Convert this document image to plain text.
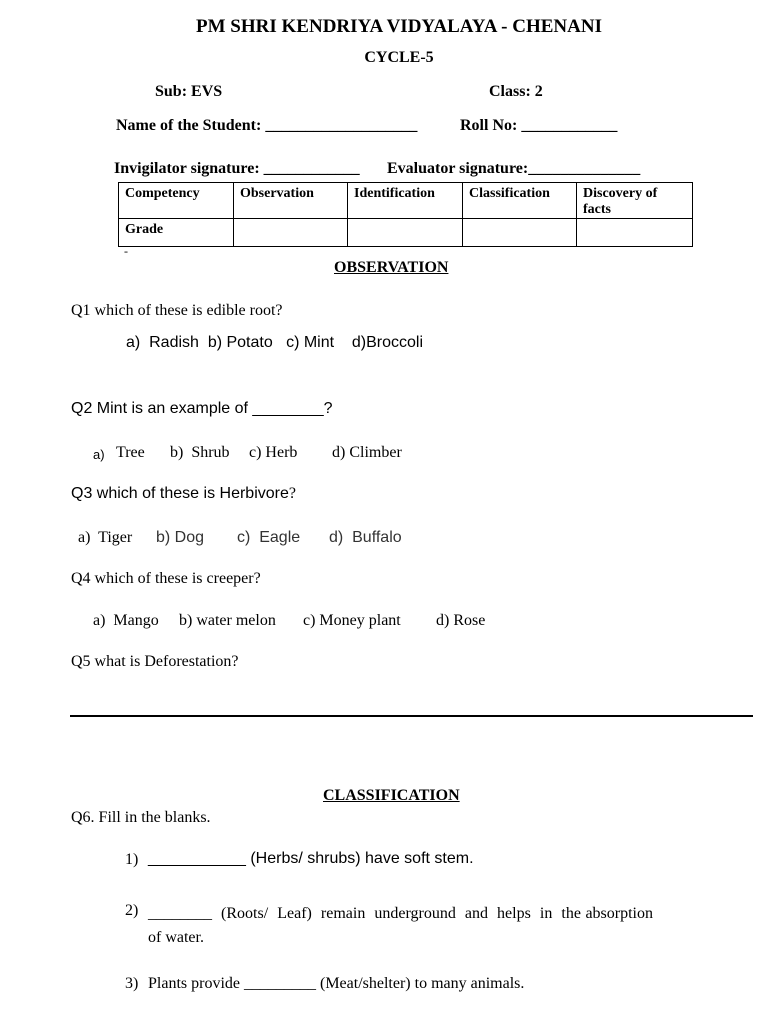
PM SHRI KENDRIYA VIDYALAYA - CHENANI
CYCLE-5
Sub: EVS	Class: 2
Name of the Student: ___________________	Roll No: ____________
Invigilator signature: ____________ Evaluator signature:______________
Competency	Observation	Identification	Classification	Discovery of facts
Grade				
-
OBSERVATION
Q1 which of these is edible root?
a)  Radish  b) Potato   c) Mint    d)Broccoli
Q2 Mint is an example of ________?
a) Tree b)  Shrub c) Herb d) Climber
Q3 which of these is Herbivore?
a)  Tiger b) Dog c)  Eagle d)  Buffalo
Q4 which of these is creeper?
a)  Mango b) water melon c) Money plant d) Rose
Q5 what is Deforestation?
CLASSIFICATION
Q6. Fill in the blanks.
1) ___________ (Herbs/ shrubs) have soft stem.
2) ________  (Roots/  Leaf)  remain  underground  and  helps  in  the absorption of water.
3) Plants provide _________ (Meat/shelter) to many animals.
